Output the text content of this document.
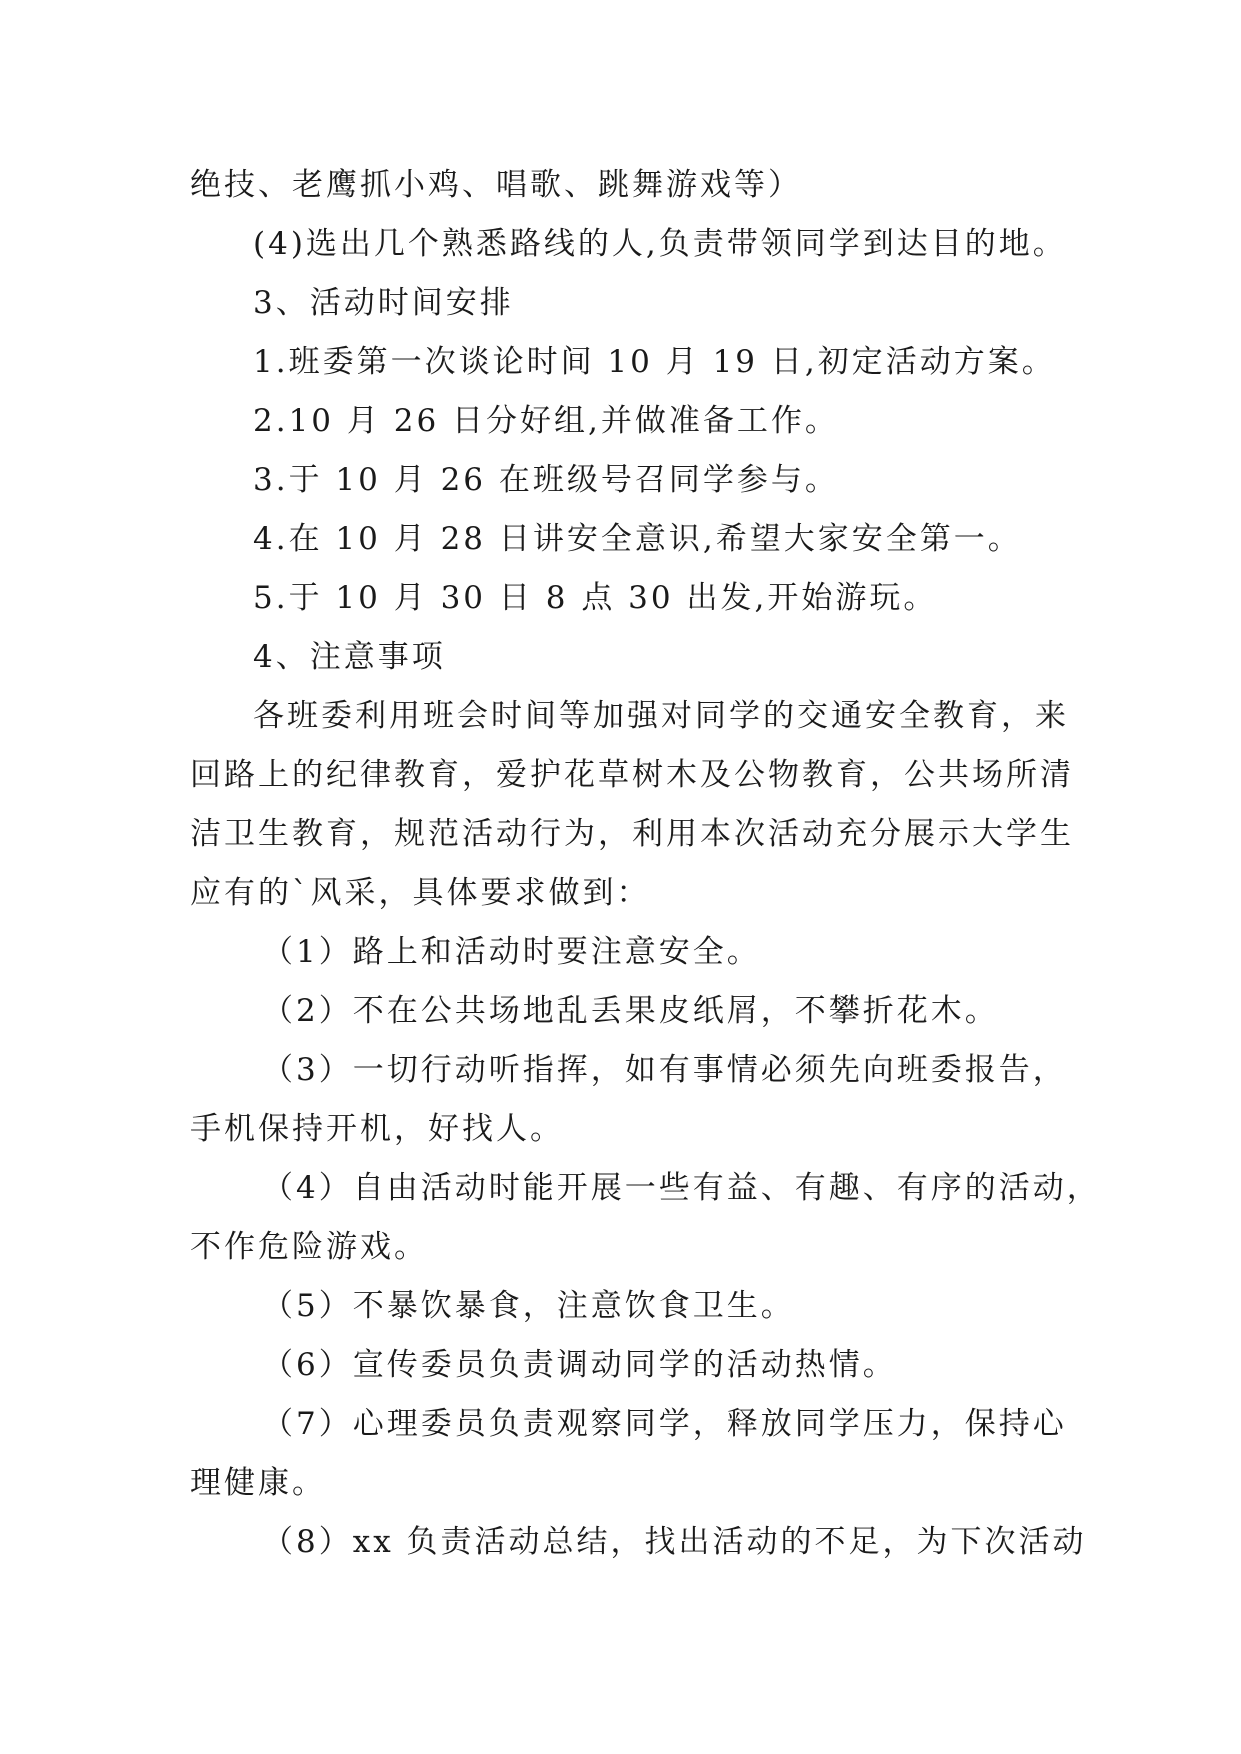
绝技、老鹰抓小鸡、唱歌、跳舞游戏等）
(4)选出几个熟悉路线的人,负责带领同学到达目的地。
3、活动时间安排
1.班委第一次谈论时间 10 月 19 日,初定活动方案。
2.10 月 26 日分好组,并做准备工作。
3.于 10 月 26 在班级号召同学参与。
4.在 10 月 28 日讲安全意识,希望大家安全第一。
5.于 10 月 30 日 8 点 30 出发,开始游玩。
4、注意事项
各班委利用班会时间等加强对同学的交通安全教育，来
回路上的纪律教育，爱护花草树木及公物教育，公共场所清
洁卫生教育，规范活动行为，利用本次活动充分展示大学生
应有的`风采，具体要求做到：
（1）路上和活动时要注意安全。
（2）不在公共场地乱丢果皮纸屑，不攀折花木。
（3）一切行动听指挥，如有事情必须先向班委报告，
手机保持开机，好找人。
（4）自由活动时能开展一些有益、有趣、有序的活动，
不作危险游戏。
（5）不暴饮暴食，注意饮食卫生。
（6）宣传委员负责调动同学的活动热情。
（7）心理委员负责观察同学，释放同学压力，保持心
理健康。
（8）xx 负责活动总结，找出活动的不足，为下次活动
